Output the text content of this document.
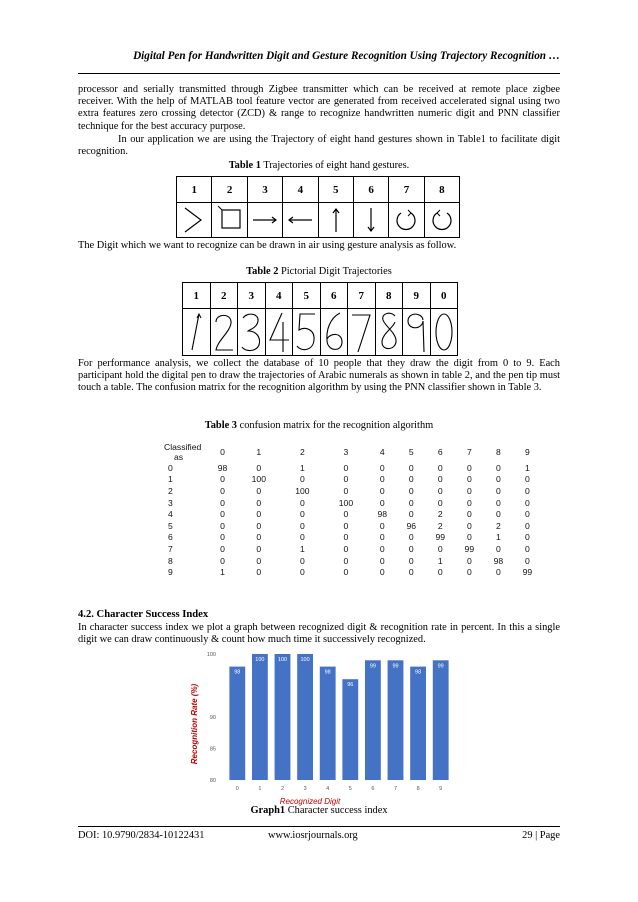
Digital Pen for Handwritten Digit and Gesture Recognition Using Trajectory Recognition …

processor and serially transmitted through Zigbee transmitter which can be received at remote place zigbee receiver. With the help of MATLAB tool feature vector are generated from received accelerated signal using two extra features zero crossing detector (ZCD) & range to recognize handwritten numeric digit and PNN classifier technique for the best accuracy purpose.

In our application we are using the Trajectory of eight hand gestures shown in Table1 to facilitate digit recognition.

Table 1 Trajectories of eight hand gestures.
1	2	3	4	5	6	7	8

The Digit which we want to recognize can be drawn in air using gesture analysis as follow.

Table 2 Pictorial Digit Trajectories
1	2	3	4	5	6	7	8	9	0

For performance analysis, we collect the database of 10 people that they draw the digit from 0 to 9. Each participant hold the digital pen to draw the trajectories of Arabic numerals as shown in table 2, and the pen tip must touch a table. The confusion matrix for the recognition algorithm by using the PNN classifier shown in Table 3.

Table 3 confusion matrix for the recognition algorithm
Classified
as	0	1	2	3	4	5	6	7	8	9
0	98	0	1	0	0	0	0	0	0	1
1	0	100	0	0	0	0	0	0	0	0
2	0	0	100	0	0	0	0	0	0	0
3	0	0	0	100	0	0	0	0	0	0
4	0	0	0	0	98	0	2	0	0	0
5	0	0	0	0	0	96	2	0	2	0
6	0	0	0	0	0	0	99	0	1	0
7	0	0	1	0	0	0	0	99	0	0
8	0	0	0	0	0	0	1	0	98	0
9	1	0	0	0	0	0	0	0	0	99
4.2. Character Success Index

In character success index we plot a graph between recognized digit & recognition rate in percent. In this a single digit we can draw continuously & count how much time it successively recognized.

80
85
90
100
98
100 100 100
98
96
99	99
98
99
0	1	2	3	4	5	6	7	8	9
Recognized Digit
Recognition Rate (%)
Graph1 Character success index
DOI: 10.9790/2834-10122431	www.iosrjournals.org	29 | Page
